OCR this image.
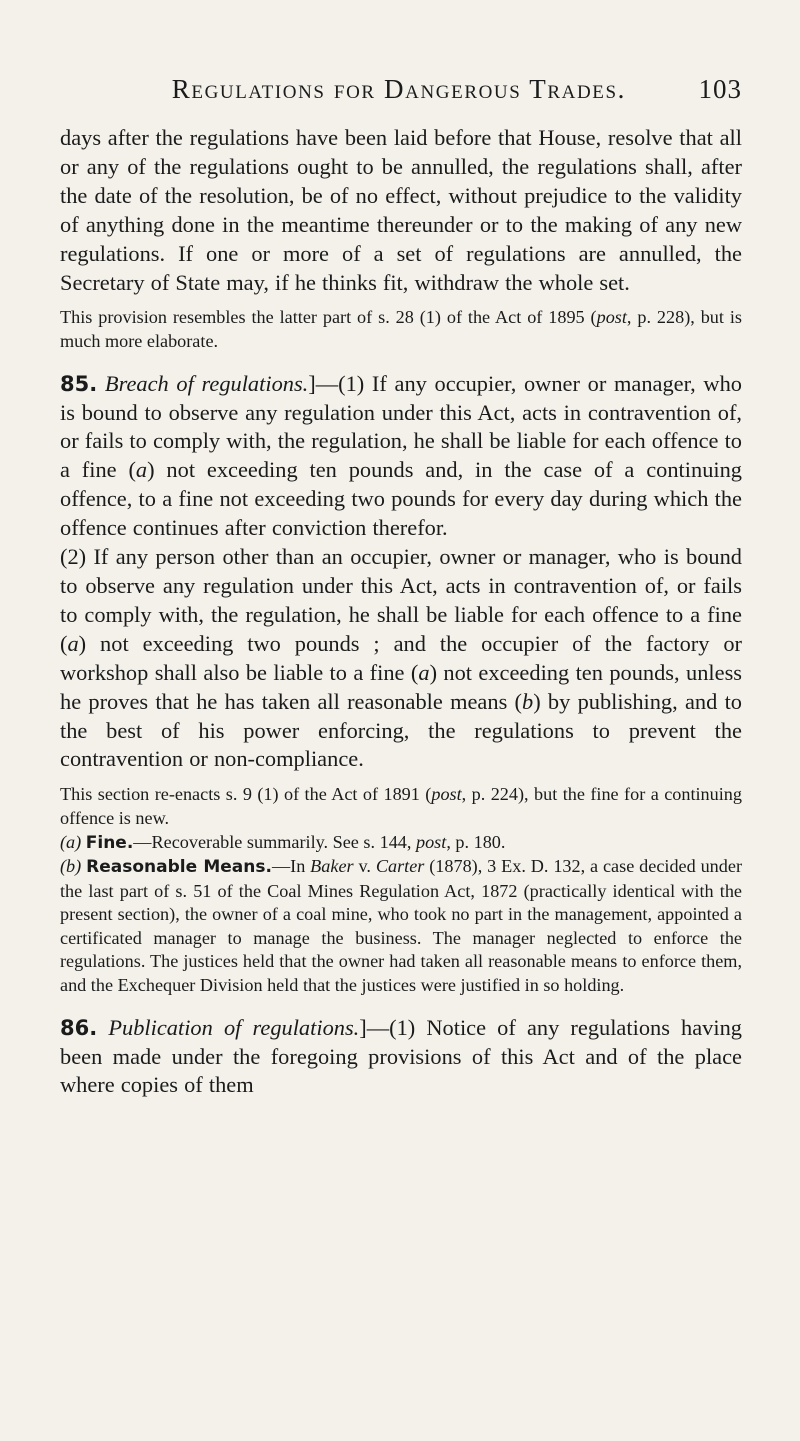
Regulations for Dangerous Trades.	103

days after the regulations have been laid before that House, resolve that all or any of the regulations ought to be annulled, the regulations shall, after the date of the resolution, be of no effect, without prejudice to the validity of anything done in the meantime thereunder or to the making of any new regulations. If one or more of a set of regulations are annulled, the Secretary of State may, if he thinks fit, withdraw the whole set.

This provision resembles the latter part of s. 28 (1) of the Act of 1895 (post, p. 228), but is much more elaborate.

85. Breach of regulations.]—(1) If any occupier, owner or manager, who is bound to observe any regulation under this Act, acts in contravention of, or fails to comply with, the regulation, he shall be liable for each offence to a fine (a) not exceeding ten pounds and, in the case of a continuing offence, to a fine not exceeding two pounds for every day during which the offence continues after conviction therefor.

(2) If any person other than an occupier, owner or manager, who is bound to observe any regulation under this Act, acts in contravention of, or fails to comply with, the regulation, he shall be liable for each offence to a fine (a) not exceeding two pounds ; and the occupier of the factory or workshop shall also be liable to a fine (a) not exceeding ten pounds, unless he proves that he has taken all reasonable means (b) by publishing, and to the best of his power enforcing, the regulations to prevent the contravention or non-compliance.

This section re-enacts s. 9 (1) of the Act of 1891 (post, p. 224), but the fine for a continuing offence is new.

(a) Fine.—Recoverable summarily. See s. 144, post, p. 180.

(b) Reasonable Means.—In Baker v. Carter (1878), 3 Ex. D. 132, a case decided under the last part of s. 51 of the Coal Mines Regulation Act, 1872 (practically identical with the present section), the owner of a coal mine, who took no part in the management, appointed a certificated manager to manage the business. The manager neglected to enforce the regulations. The justices held that the owner had taken all reasonable means to enforce them, and the Exchequer Division held that the justices were justified in so holding.

86. Publication of regulations.]—(1) Notice of any regulations having been made under the foregoing provisions of this Act and of the place where copies of them
